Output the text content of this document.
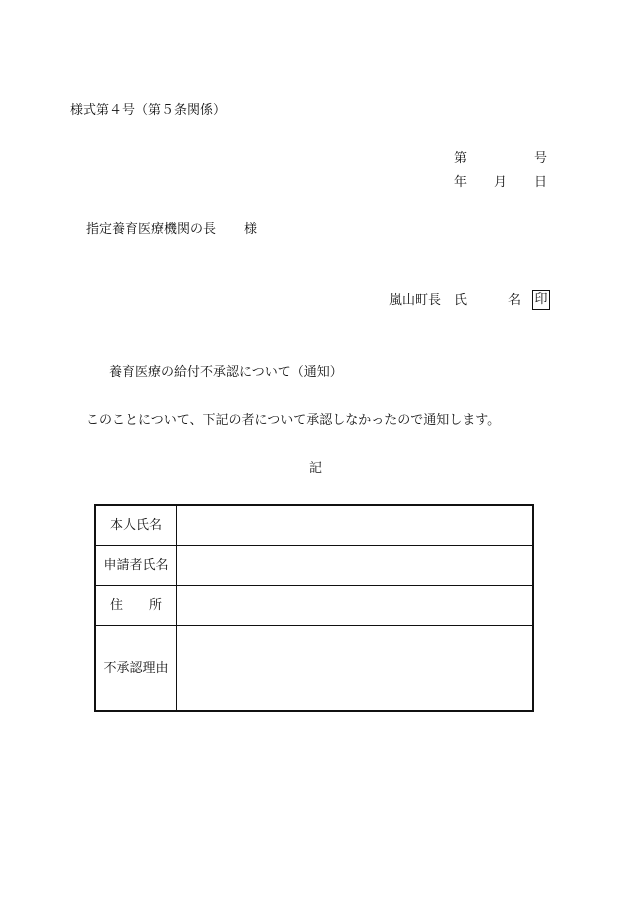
様式第４号（第５条関係）
第	号
年 月 日
指定養育医療機関の長 様
嵐山町長 氏	名 印
養育医療の給付不承認について（通知）
このことについて、下記の者について承認しなかったので通知します。
記
本人氏名	
申請者氏名	
住 所	
不承認理由	
